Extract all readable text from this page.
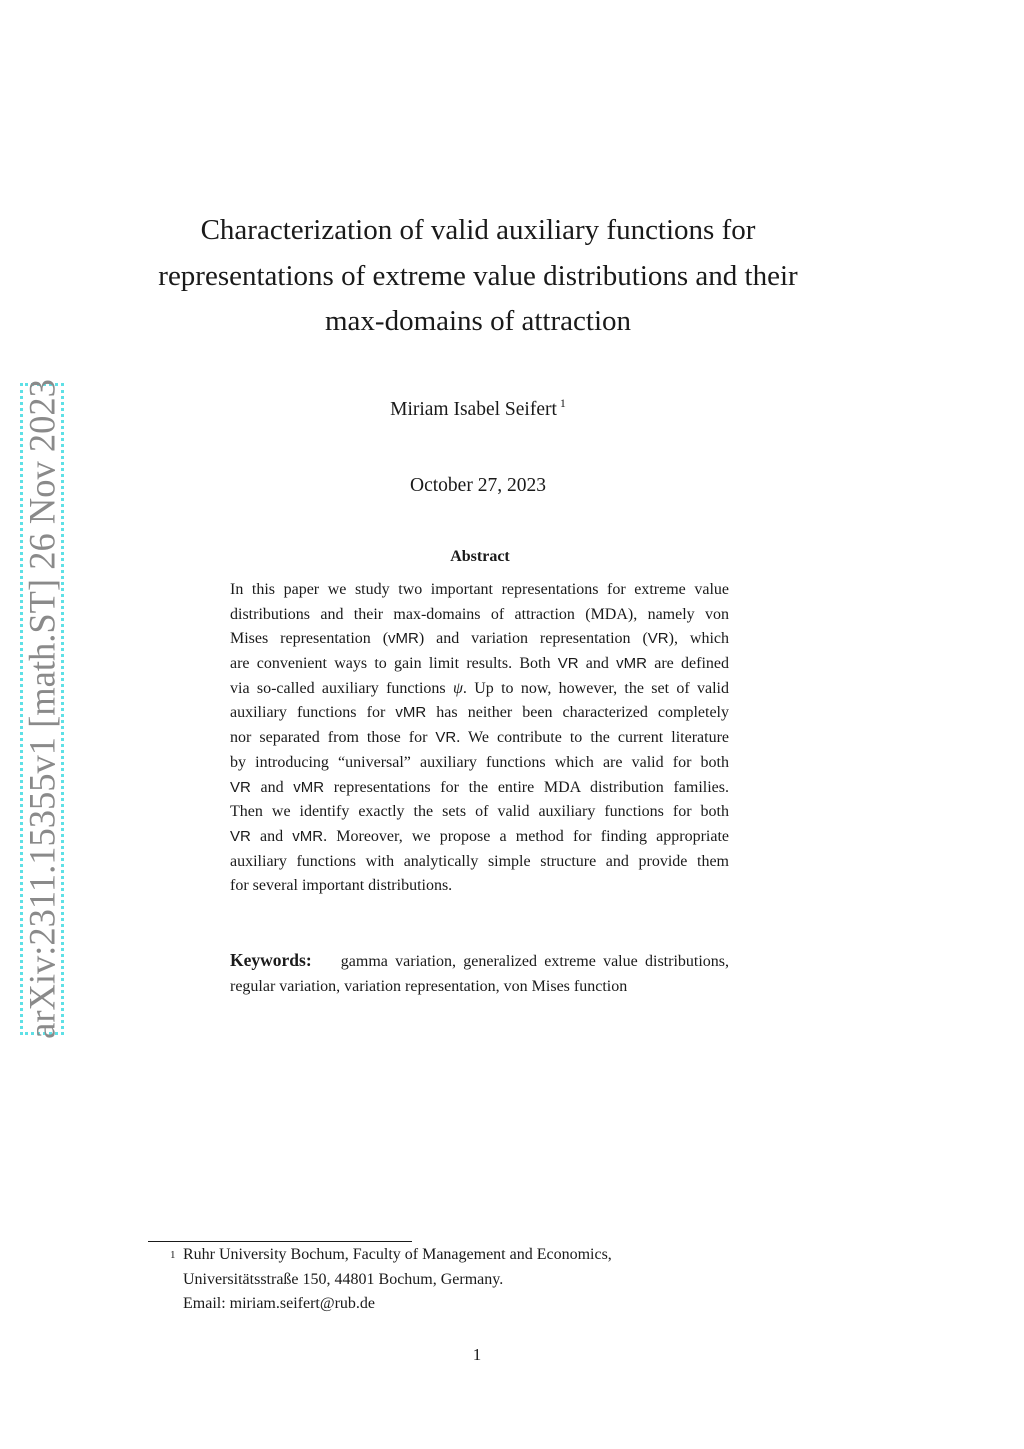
arXiv:2311.15355v1 [math.ST] 26 Nov 2023
Characterization of valid auxiliary functions for
representations of extreme value distributions and their
max-domains of attraction
Miriam Isabel Seifert $^1$
October 27, 2023
Abstract
In this paper we study two important representations for extreme value
distributions and their max-domains of attraction (MDA), namely von
Mises representation (vMR) and variation representation (VR), which
are convenient ways to gain limit results. Both VR and vMR are defined
via so-called auxiliary functions ψ. Up to now, however, the set of valid
auxiliary functions for vMR has neither been characterized completely
nor separated from those for VR. We contribute to the current literature
by introducing “universal” auxiliary functions which are valid for both
VR and vMR representations for the entire MDA distribution families.
Then we identify exactly the sets of valid auxiliary functions for both
VR and vMR. Moreover, we propose a method for finding appropriate
auxiliary functions with analytically simple structure and provide them
for several important distributions.
Keywords: gamma variation, generalized extreme value distributions,
regular variation, variation representation, von Mises function
1 Ruhr University Bochum, Faculty of Management and Economics,
Universitätsstraße 150, 44801 Bochum, Germany.
Email: miriam.seifert@rub.de
1
